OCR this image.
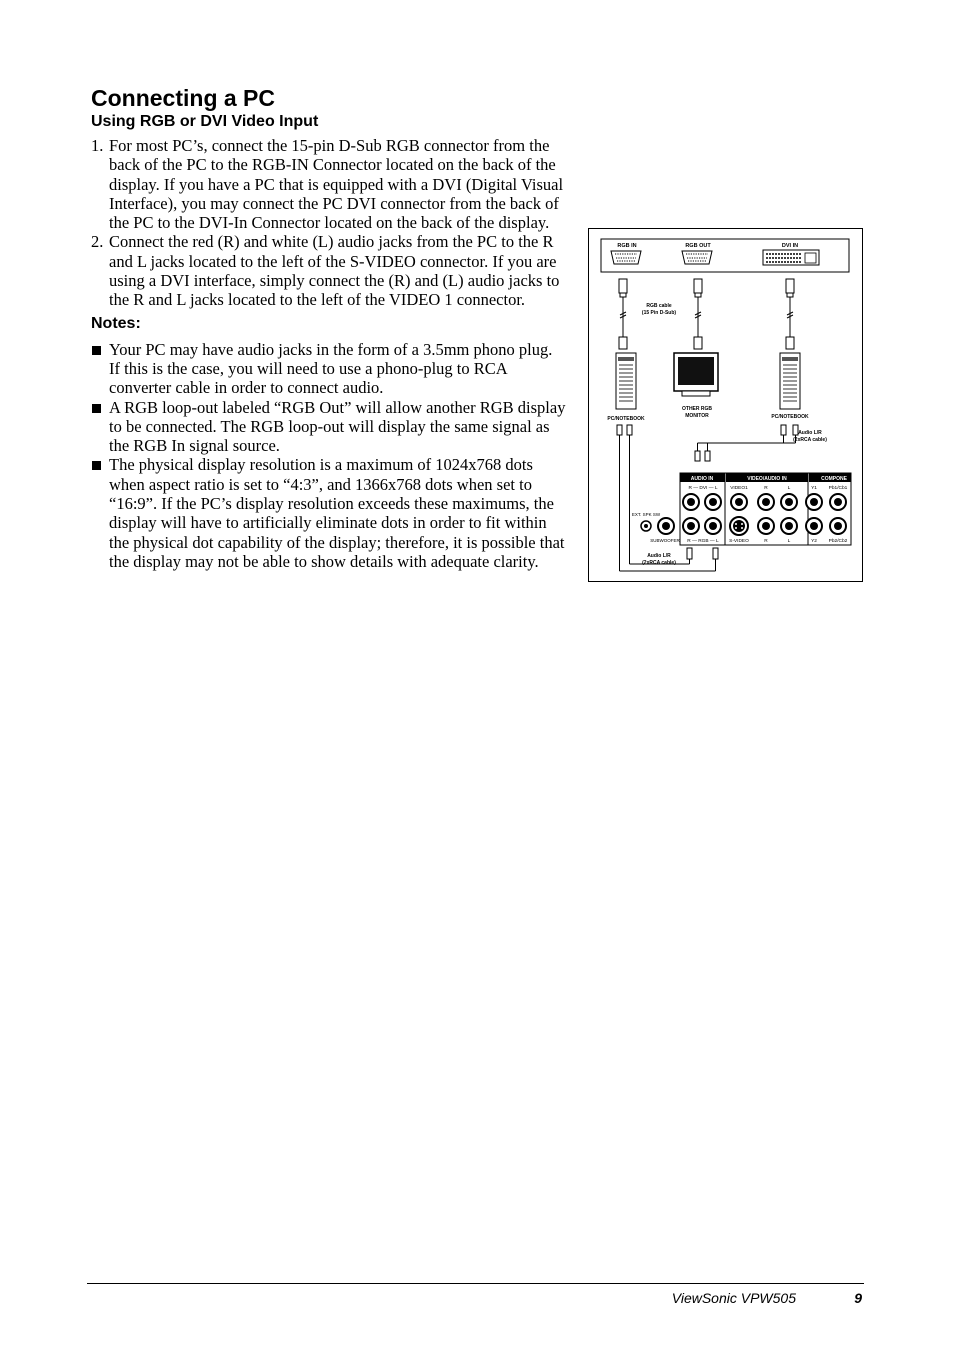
Connecting a PC
Using RGB or DVI Video Input
1. For most PC’s, connect the 15-pin D-Sub RGB connector from the back of the PC to the RGB-IN Connector located on the back of the display. If you have a PC that is equipped with a DVI (Digital Visual Interface), you may connect the PC DVI connector from the back of the PC to the DVI-In Connector located on the back of the display.
2. Connect the red (R) and white (L) audio jacks from the PC to the R and L jacks located to the left of the S-VIDEO connector. If you are using a DVI interface, simply connect the (R) and (L) audio jacks to the R and L jacks located to the left of the VIDEO 1 connector.
Notes:
Your PC may have audio jacks in the form of a 3.5mm phono plug. If this is the case, you will need to use a phono-plug to RCA converter cable in order to connect audio.
A RGB loop-out labeled “RGB Out” will allow another RGB display to be connected. The RGB loop-out will display the same signal as the RGB In signal source.
The physical display resolution is a maximum of 1024x768 dots when aspect ratio is set to “4:3”, and 1366x768 dots when set to “16:9”. If the PC’s display resolution exceeds these maximums, the display will have to artificially eliminate dots in order to fit within the physical dot capability of the display; therefore, it is possible that the display may not be able to show details with adequate clarity.
RGB IN	RGB OUT	DVI IN
RGB cable
(15 Pin D-Sub)
PC/NOTEBOOK
OTHER RGB
MONITOR	PC/NOTEBOOK
Audio L/R
(2xRCA cable)
AUDIO IN	VIDEO/AUDIO IN	COMPONE
R — DVI — L	VIDEO1	R	L	Y1 Pb1/Cb1
R — RGB — L S-VIDEO	R	L	Y2 Pb2/Cb2
EXT. SPK SW
SUBWOOFER
Audio L/R
(2xRCA cable)
ViewSonic VPW505	9
